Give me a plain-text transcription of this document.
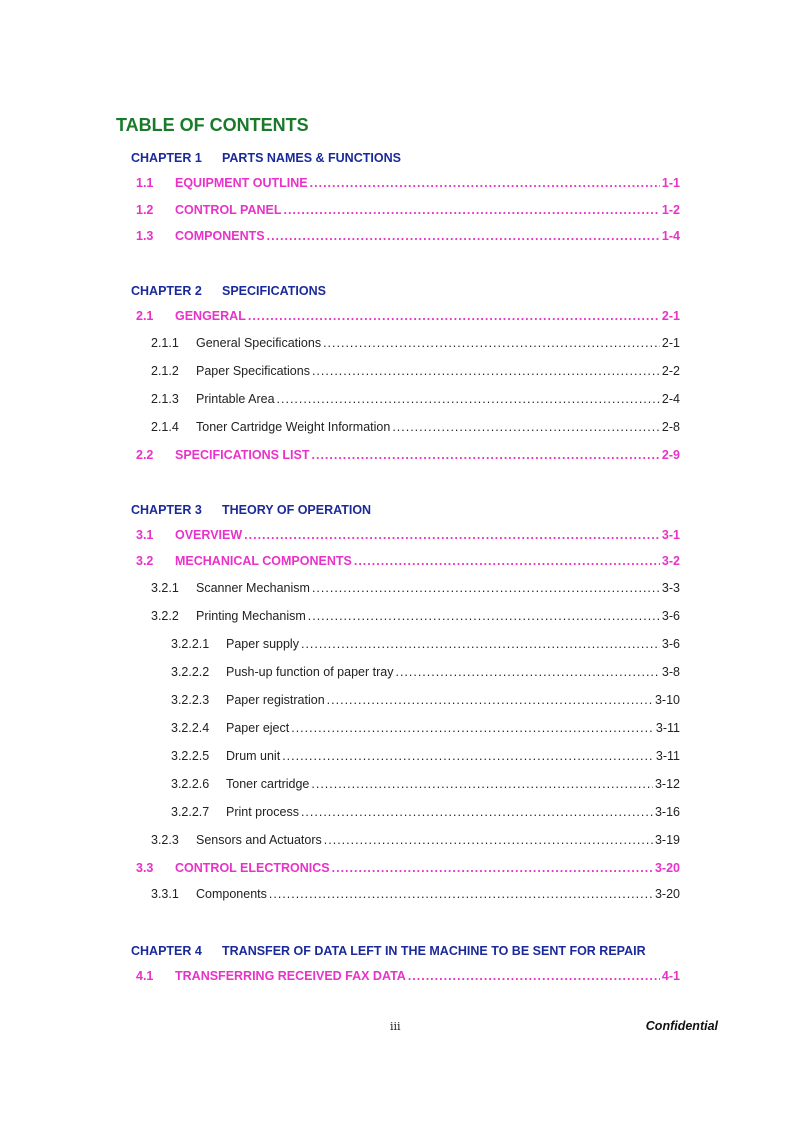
TABLE OF CONTENTS
CHAPTER 1 PARTS NAMES & FUNCTIONS
1.1	EQUIPMENT OUTLINE .....	1-1
1.2	CONTROL PANEL .....	1-2
1.3	COMPONENTS .....	1-4
CHAPTER 2 SPECIFICATIONS
2.1	GENGERAL .....	2-1
2.1.1	General Specifications .....	2-1
2.1.2	Paper Specifications .....	2-2
2.1.3	Printable Area .....	2-4
2.1.4	Toner Cartridge Weight Information .....	2-8
2.2	SPECIFICATIONS LIST .....	2-9
CHAPTER 3 THEORY OF OPERATION
3.1	OVERVIEW .....	3-1
3.2	MECHANICAL COMPONENTS .....	3-2
3.2.1	Scanner Mechanism .....	3-3
3.2.2	Printing Mechanism .....	3-6
3.2.2.1	Paper supply .....	3-6
3.2.2.2	Push-up function of paper tray .....	3-8
3.2.2.3	Paper registration .....	3-10
3.2.2.4	Paper eject .....	3-11
3.2.2.5	Drum unit .....	3-11
3.2.2.6	Toner cartridge .....	3-12
3.2.2.7	Print process .....	3-16
3.2.3	Sensors and Actuators .....	3-19
3.3	CONTROL ELECTRONICS .....	3-20
3.3.1	Components .....	3-20
CHAPTER 4 TRANSFER OF DATA LEFT IN THE MACHINE TO BE SENT FOR REPAIR
4.1	TRANSFERRING RECEIVED FAX DATA .....	4-1
iii	Confidential
